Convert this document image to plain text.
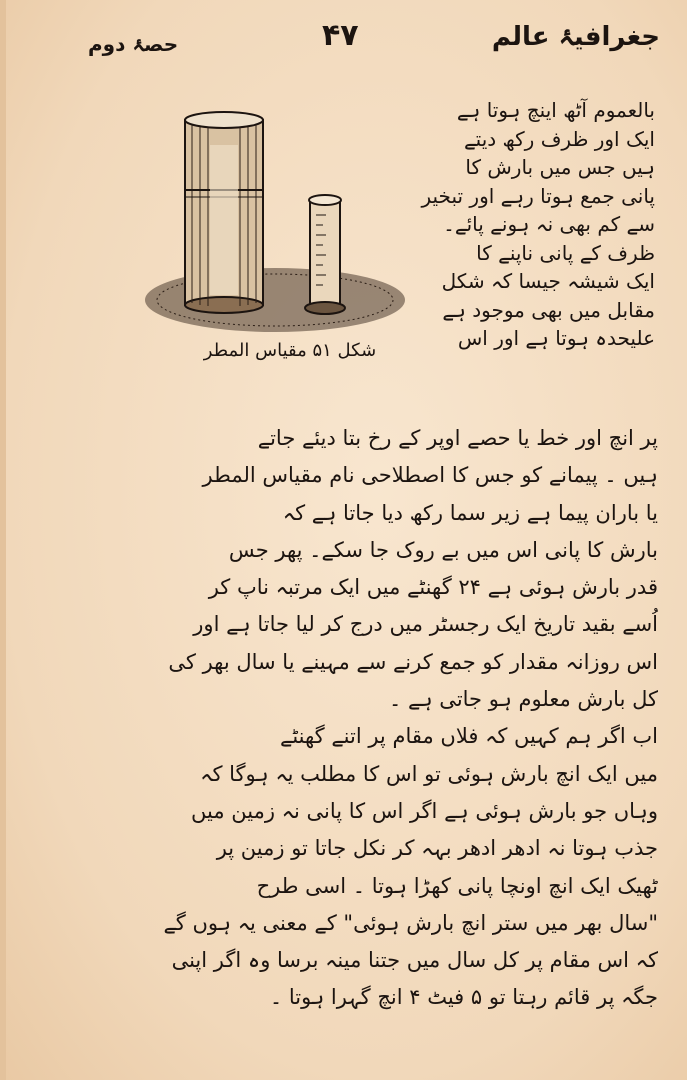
جغرافیۂ عالم
۴۷
حصۂ دوم
شکل ۵۱ مقیاس المطر
بالعموم آٹھ اینچ ہوتا ہے
ایک اور ظرف رکھ دیتے
ہیں جس میں بارش کا
پانی جمع ہوتا رہے اور تبخیر
سے کم بھی نہ ہونے پائے۔
ظرف کے پانی ناپنے کا
ایک شیشہ جیسا کہ شکل
مقابل میں بھی موجود ہے
علیحدہ ہوتا ہے اور اس
پر انچ اور خط یا حصے اوپر کے رخ بتا دیئے جاتے
ہیں ۔ پیمانے کو جس کا اصطلاحی نام مقیاس المطر
یا باران پیما ہے زیر سما رکھ دیا جاتا ہے کہ
بارش کا پانی اس میں بے روک جا سکے۔ پھر جس
قدر بارش ہوئی ہے ۲۴ گھنٹے میں ایک مرتبہ ناپ کر
اُسے بقید تاریخ ایک رجسٹر میں درج کر لیا جاتا ہے اور
اس روزانہ مقدار کو جمع کرنے سے مہینے یا سال بھر کی
کل بارش معلوم ہو جاتی ہے ۔
اب اگر ہم کہیں کہ فلاں مقام پر اتنے گھنٹے
میں ایک انچ بارش ہوئی تو اس کا مطلب یہ ہوگا کہ
وہاں جو بارش ہوئی ہے اگر اس کا پانی نہ زمین میں
جذب ہوتا نہ ادھر ادھر بہہ کر نکل جاتا تو زمین پر
ٹھیک ایک انچ اونچا پانی کھڑا ہوتا ۔ اسی طرح
"سال بھر میں ستر انچ بارش ہوئی" کے معنی یہ ہوں گے
کہ اس مقام پر کل سال میں جتنا مینہ برسا وہ اگر اپنی
جگہ پر قائم رہتا تو ۵ فیٹ ۴ انچ گہرا ہوتا ۔
